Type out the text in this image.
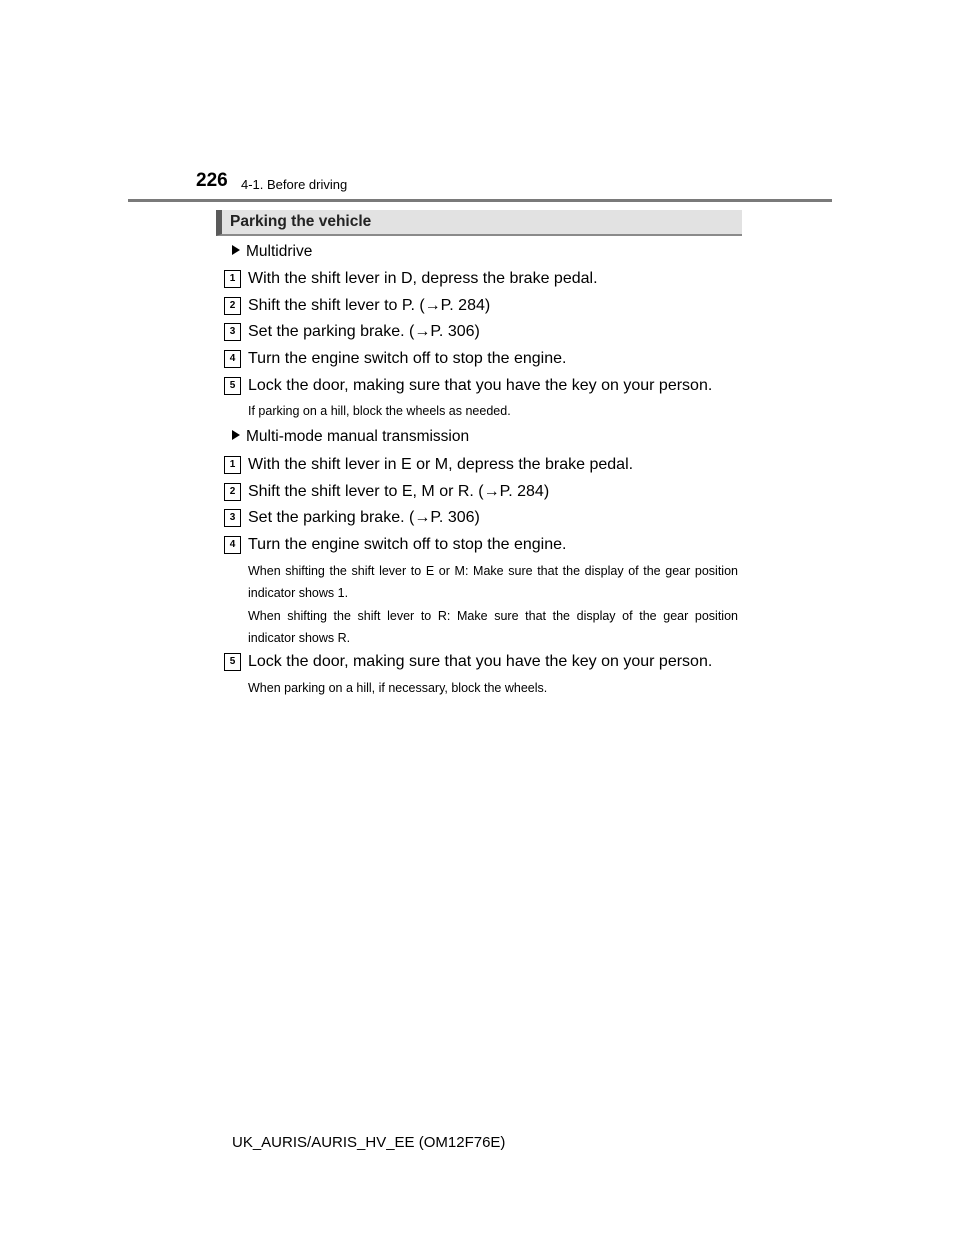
226 4-1. Before driving
Parking the vehicle
Multidrive
1 With the shift lever in D, depress the brake pedal.
2 Shift the shift lever to P. (→P. 284)
3 Set the parking brake. (→P. 306)
4 Turn the engine switch off to stop the engine.
5 Lock the door, making sure that you have the key on your person.
If parking on a hill, block the wheels as needed.
Multi-mode manual transmission
1 With the shift lever in E or M, depress the brake pedal.
2 Shift the shift lever to E, M or R. (→P. 284)
3 Set the parking brake. (→P. 306)
4 Turn the engine switch off to stop the engine.
When shifting the shift lever to E or M: Make sure that the display of the gear position indicator shows 1.
When shifting the shift lever to R: Make sure that the display of the gear position indicator shows R.
5 Lock the door, making sure that you have the key on your person.
When parking on a hill, if necessary, block the wheels.
UK_AURIS/AURIS_HV_EE (OM12F76E)
